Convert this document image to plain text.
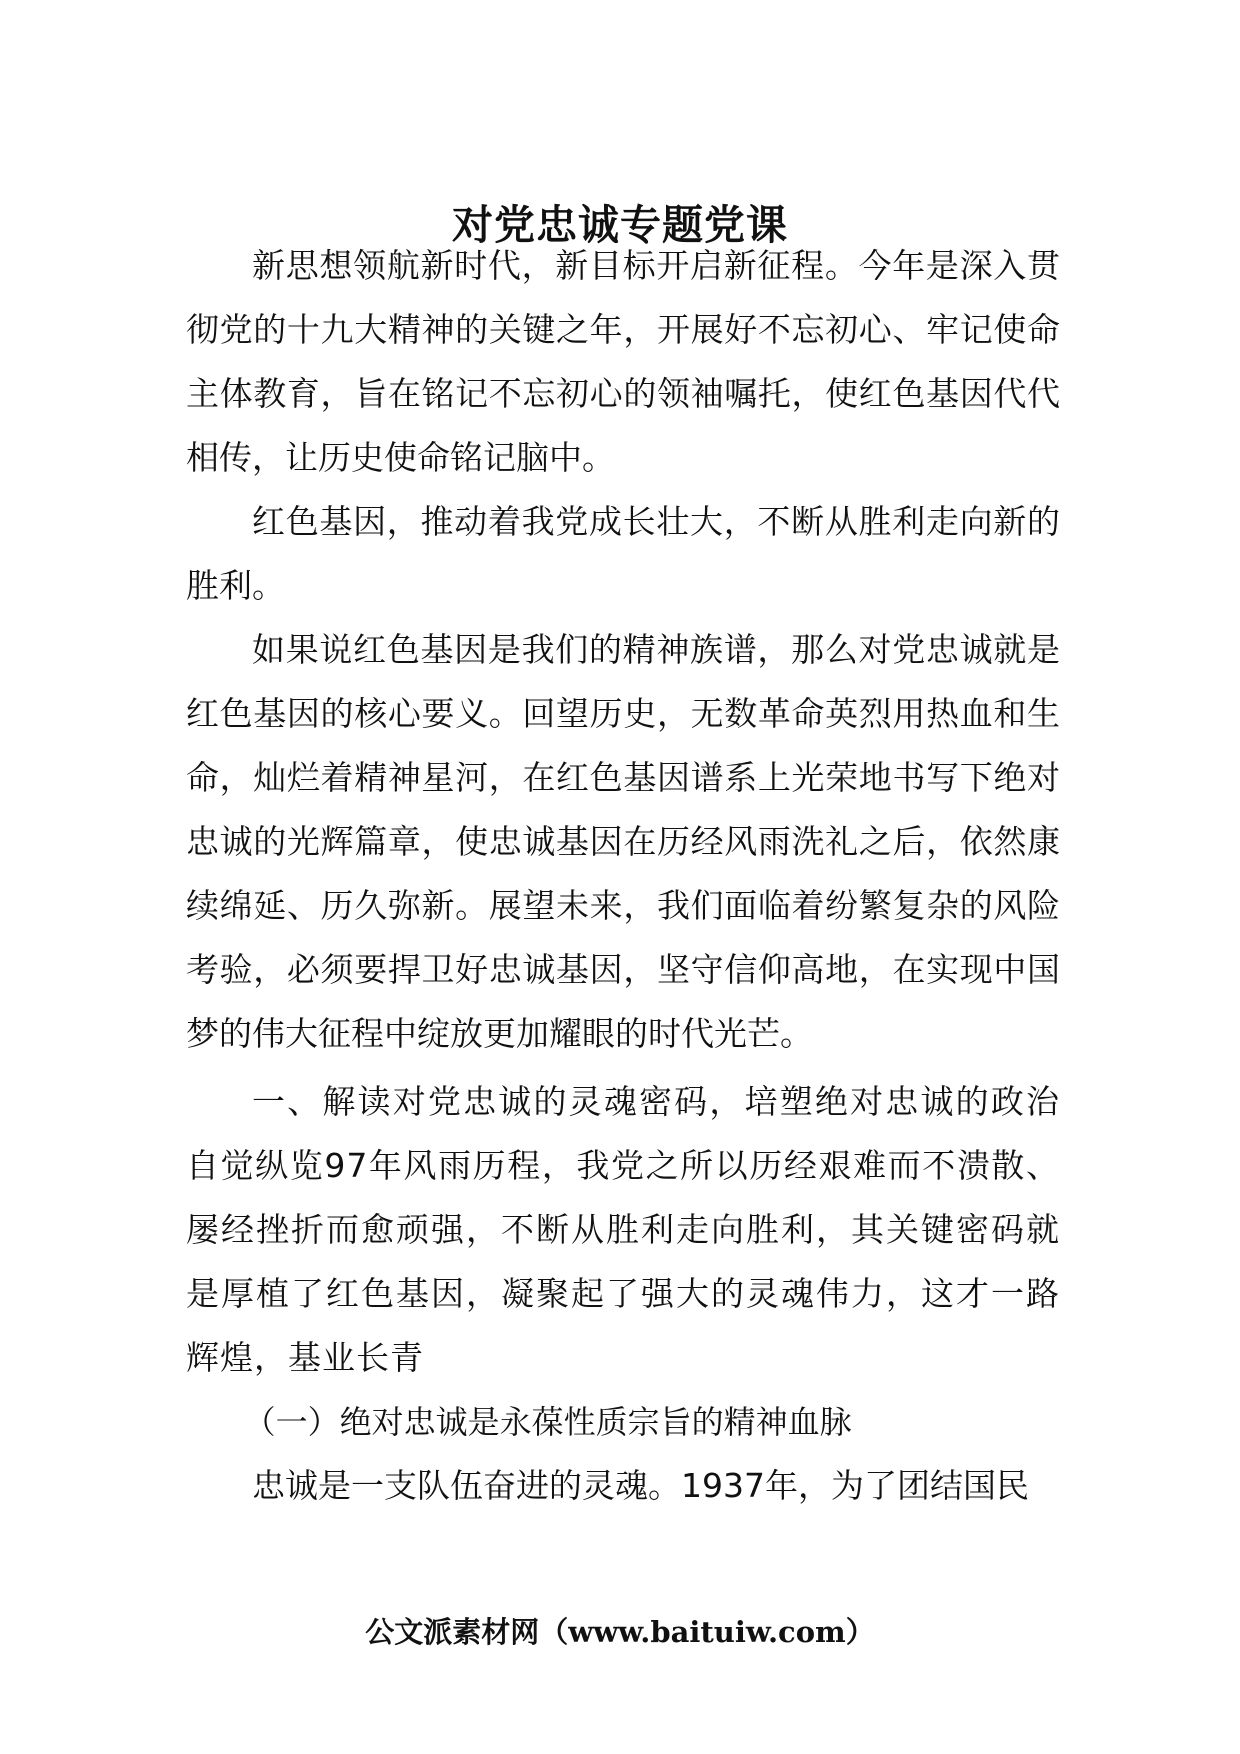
对党忠诚专题党课

新思想领航新时代，新目标开启新征程。今年是深入贯彻党的十九大精神的关键之年，开展好不忘初心、牢记使命主体教育，旨在铭记不忘初心的领袖嘱托，使红色基因代代相传，让历史使命铭记脑中。

红色基因，推动着我党成长壮大，不断从胜利走向新的胜利。

如果说红色基因是我们的精神族谱，那么对党忠诚就是红色基因的核心要义。回望历史，无数革命英烈用热血和生命，灿烂着精神星河，在红色基因谱系上光荣地书写下绝对忠诚的光辉篇章，使忠诚基因在历经风雨洗礼之后，依然康续绵延、历久弥新。展望未来，我们面临着纷繁复杂的风险考验，必须要捍卫好忠诚基因，坚守信仰高地，在实现中国梦的伟大征程中绽放更加耀眼的时代光芒。

一、解读对党忠诚的灵魂密码，培塑绝对忠诚的政治自觉纵览97年风雨历程，我党之所以历经艰难而不溃散、屡经挫折而愈顽强，不断从胜利走向胜利，其关键密码就是厚植了红色基因，凝聚起了强大的灵魂伟力，这才一路辉煌，基业长青

（一）绝对忠诚是永葆性质宗旨的精神血脉

忠诚是一支队伍奋进的灵魂。1937年，为了团结国民

公文派素材网（www.baituiw.com）
